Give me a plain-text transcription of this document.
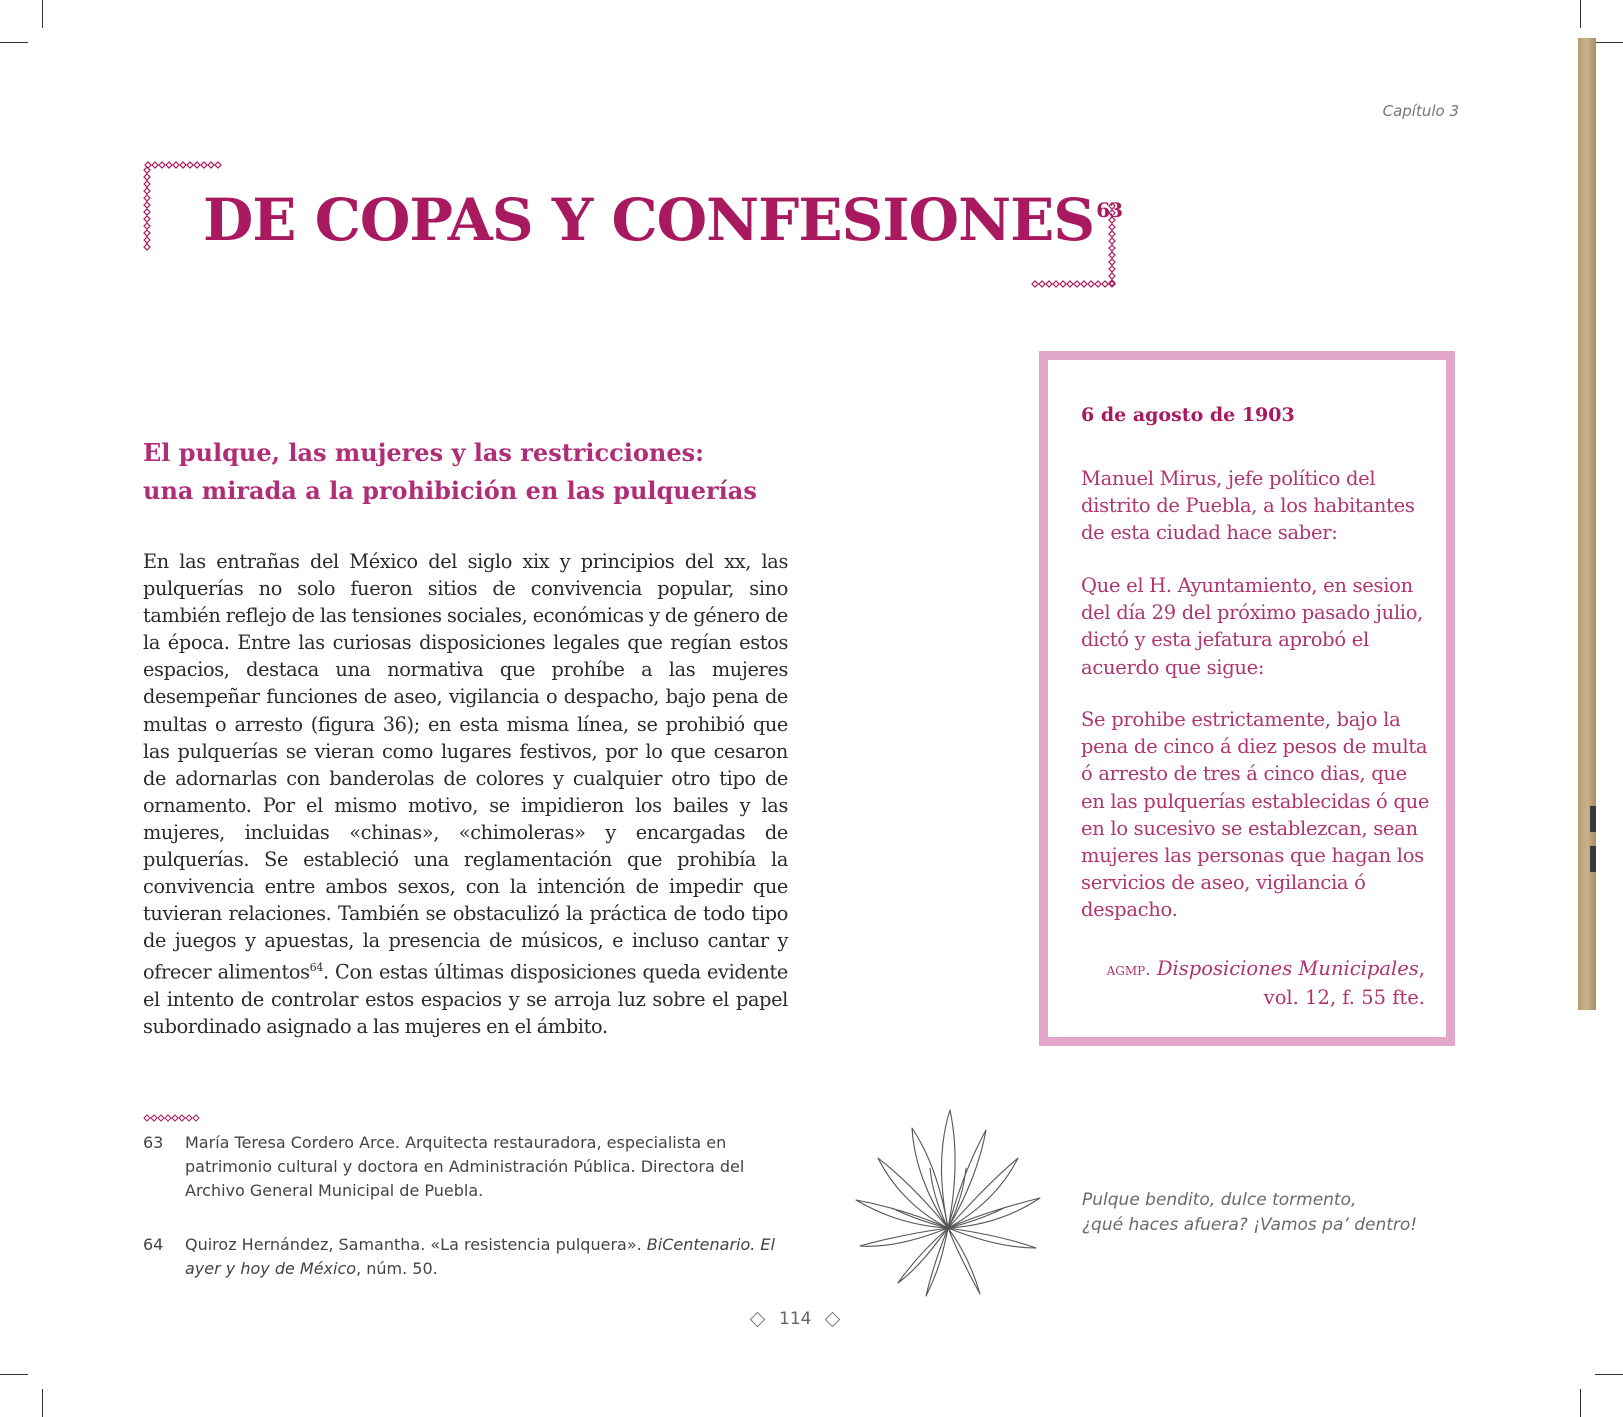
Capítulo 3
DE COPAS Y CONFESIONES $^{63}$
El pulque, las mujeres y las restricciones:
una mirada a la prohibición en las pulquerías

En las entrañas del México del siglo xix y principios del xx, las pulquerías no solo fueron sitios de convivencia popular, sino también reflejo de las tensiones sociales, económicas y de género de la época. Entre las curiosas disposiciones legales que regían estos espacios, destaca una normativa que prohíbe a las mujeres desempeñar funciones de aseo, vigilancia o despacho, bajo pena de multas o arresto (figura 36); en esta misma línea, se prohibió que las pulquerías se vieran como lugares festivos, por lo que cesaron de adornarlas con banderolas de colores y cualquier otro tipo de ornamento. Por el mismo motivo, se impidieron los bailes y las mujeres, incluidas «chinas», «chimoleras» y encargadas de pulquerías. Se estableció una reglamentación que prohibía la convivencia entre ambos sexos, con la intención de impedir que tuvieran relaciones. También se obstaculizó la práctica de todo tipo de juegos y apuestas, la presencia de músicos, e incluso cantar y ofrecer alimentos$^{64}$. Con estas últimas disposiciones queda evidente el intento de controlar estos espacios y se arroja luz sobre el papel subordinado asignado a las mujeres en el ámbito.

6 de agosto de 1903

Manuel Mirus, jefe político del distrito de Puebla, a los habitantes de esta ciudad hace saber:

Que el H. Ayuntamiento, en sesion del día 29 del próximo pasado julio, dictó y esta jefatura aprobó el acuerdo que sigue:

Se prohibe estrictamente, bajo la pena de cinco á diez pesos de multa ó arresto de tres á cinco dias, que en las pulquerías establecidas ó que en lo sucesivo se establezcan, sean mujeres las personas que hagan los servicios de aseo, vigilancia ó despacho.

agmp. Disposiciones Municipales,
vol. 12, f. 55 fte.
63 María Teresa Cordero Arce. Arquitecta restauradora, especialista en patrimonio cultural y doctora en Administración Pública. Directora del Archivo General Municipal de Puebla.
64 Quiroz Hernández, Samantha. «La resistencia pulquera». BiCentenario. El ayer y hoy de México, núm. 50.
Pulque bendito, dulce tormento,
¿qué haces afuera? ¡Vamos pa’ dentro!
114
